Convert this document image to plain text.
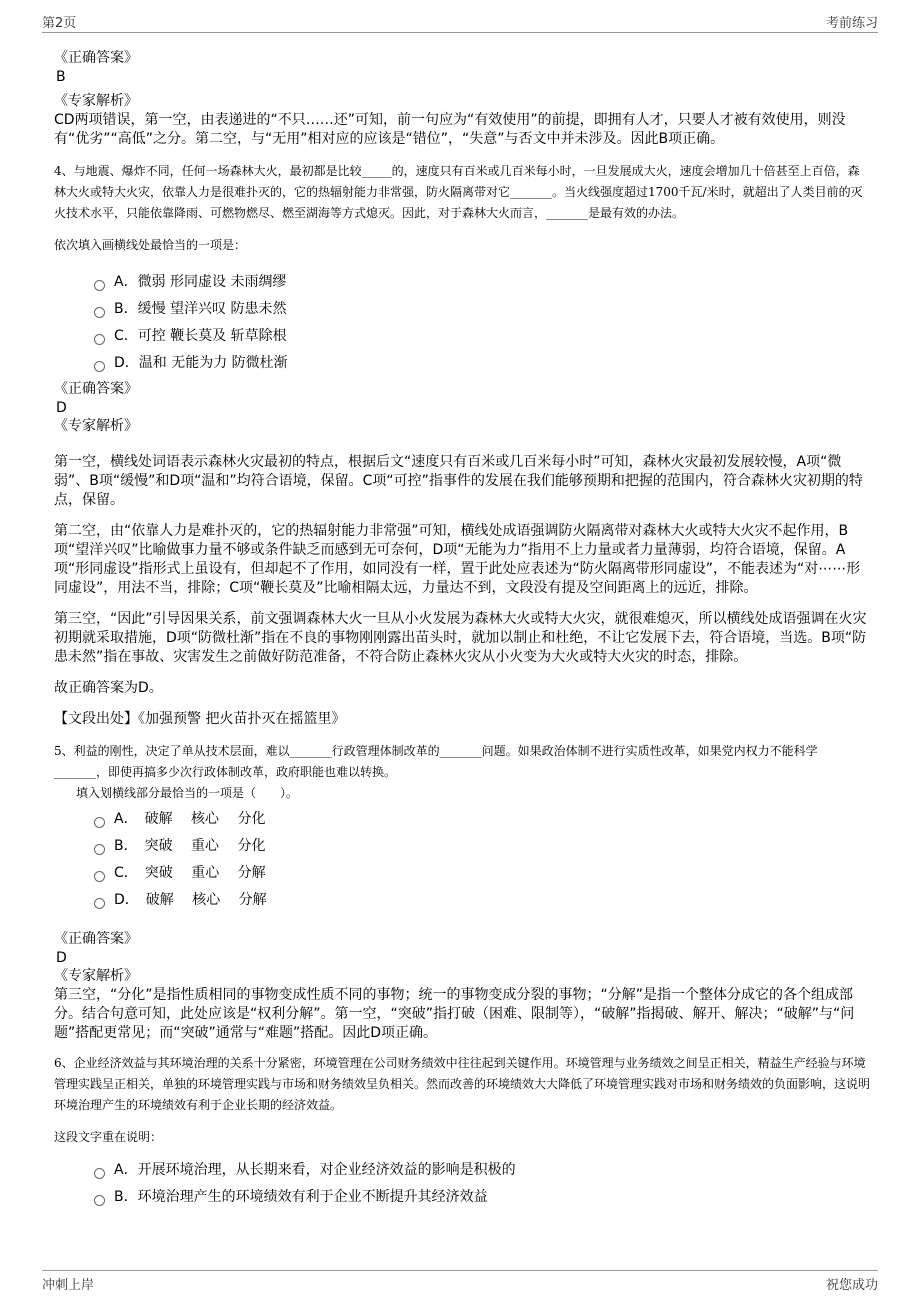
第2页	考前练习

《正确答案》

B

《专家解析》

CD两项错误，第一空，由表递进的“不只……还”可知，前一句应为“有效使用”的前提，即拥有人才，只要人才被有效使用，则没有“优劣”“高低”之分。第二空，与“无用”相对应的应该是“错位”，“失意”与否文中并未涉及。因此B项正确。

4、与地震、爆炸不同，任何一场森林大火，最初都是比较_____的，速度只有百米或几百米每小时，一旦发展成大火，速度会增加几十倍甚至上百倍，森林大火或特大火灾，依靠人力是很难扑灭的，它的热辐射能力非常强，防火隔离带对它_______。当火线强度超过1700千瓦/米时，就超出了人类目前的灭火技术水平，只能依靠降雨、可燃物燃尽、燃至湖海等方式熄灭。因此，对于森林大火而言，_______是最有效的办法。

依次填入画横线处最恰当的一项是：

A．微弱 形同虚设 未雨绸缪
B．缓慢 望洋兴叹 防患未然
C．可控 鞭长莫及 斩草除根
D．温和 无能为力 防微杜渐

《正确答案》

D

《专家解析》

第一空，横线处词语表示森林火灾最初的特点，根据后文“速度只有百米或几百米每小时”可知，森林火灾最初发展较慢，A项“微弱”、B项“缓慢”和D项“温和”均符合语境，保留。C项“可控”指事件的发展在我们能够预期和把握的范围内，符合森林火灾初期的特点，保留。

第二空，由“依靠人力是难扑灭的，它的热辐射能力非常强”可知，横线处成语强调防火隔离带对森林大火或特大火灾不起作用，B项“望洋兴叹”比喻做事力量不够或条件缺乏而感到无可奈何，D项“无能为力”指用不上力量或者力量薄弱，均符合语境，保留。A项“形同虚设”指形式上虽设有，但却起不了作用，如同没有一样，置于此处应表述为“防火隔离带形同虚设”，不能表述为“对⋯⋯形同虚设”，用法不当，排除；C项“鞭长莫及”比喻相隔太远，力量达不到，文段没有提及空间距离上的远近，排除。

第三空，“因此”引导因果关系，前文强调森林大火一旦从小火发展为森林大火或特大火灾，就很难熄灭，所以横线处成语强调在火灾初期就采取措施，D项“防微杜渐”指在不良的事物刚刚露出苗头时，就加以制止和杜绝，不让它发展下去，符合语境，当选。B项“防患未然”指在事故、灾害发生之前做好防范准备，不符合防止森林火灾从小火变为大火或特大火灾的时态，排除。

故正确答案为D。

【文段出处】《加强预警 把火苗扑灭在摇篮里》

5、利益的刚性，决定了单从技术层面，难以_______行政管理体制改革的_______问题。如果政治体制不进行实质性改革，如果党内权力不能科学_______，即使再搞多少次行政体制改革，政府职能也难以转换。

填入划横线部分最恰当的一项是（　　）。

A．　破解　 核心　 分化
B．　突破　 重心　 分化
C．　突破　 重心　 分解
D．　破解　 核心　 分解

《正确答案》

D

《专家解析》

第三空，“分化”是指性质相同的事物变成性质不同的事物；统一的事物变成分裂的事物；“分解”是指一个整体分成它的各个组成部分。结合句意可知，此处应该是“权利分解”。第一空，“突破”指打破（困难、限制等），“破解”指揭破、解开、解决；“破解”与“问题”搭配更常见；而“突破”通常与“难题”搭配。因此D项正确。

6、企业经济效益与其环境治理的关系十分紧密，环境管理在公司财务绩效中往往起到关键作用。环境管理与业务绩效之间呈正相关，精益生产经验与环境管理实践呈正相关，单独的环境管理实践与市场和财务绩效呈负相关。然而改善的环境绩效大大降低了环境管理实践对市场和财务绩效的负面影响，这说明环境治理产生的环境绩效有利于企业长期的经济效益。

这段文字重在说明：

A．开展环境治理，从长期来看，对企业经济效益的影响是积极的
B．环境治理产生的环境绩效有利于企业不断提升其经济效益
冲刺上岸	祝您成功
